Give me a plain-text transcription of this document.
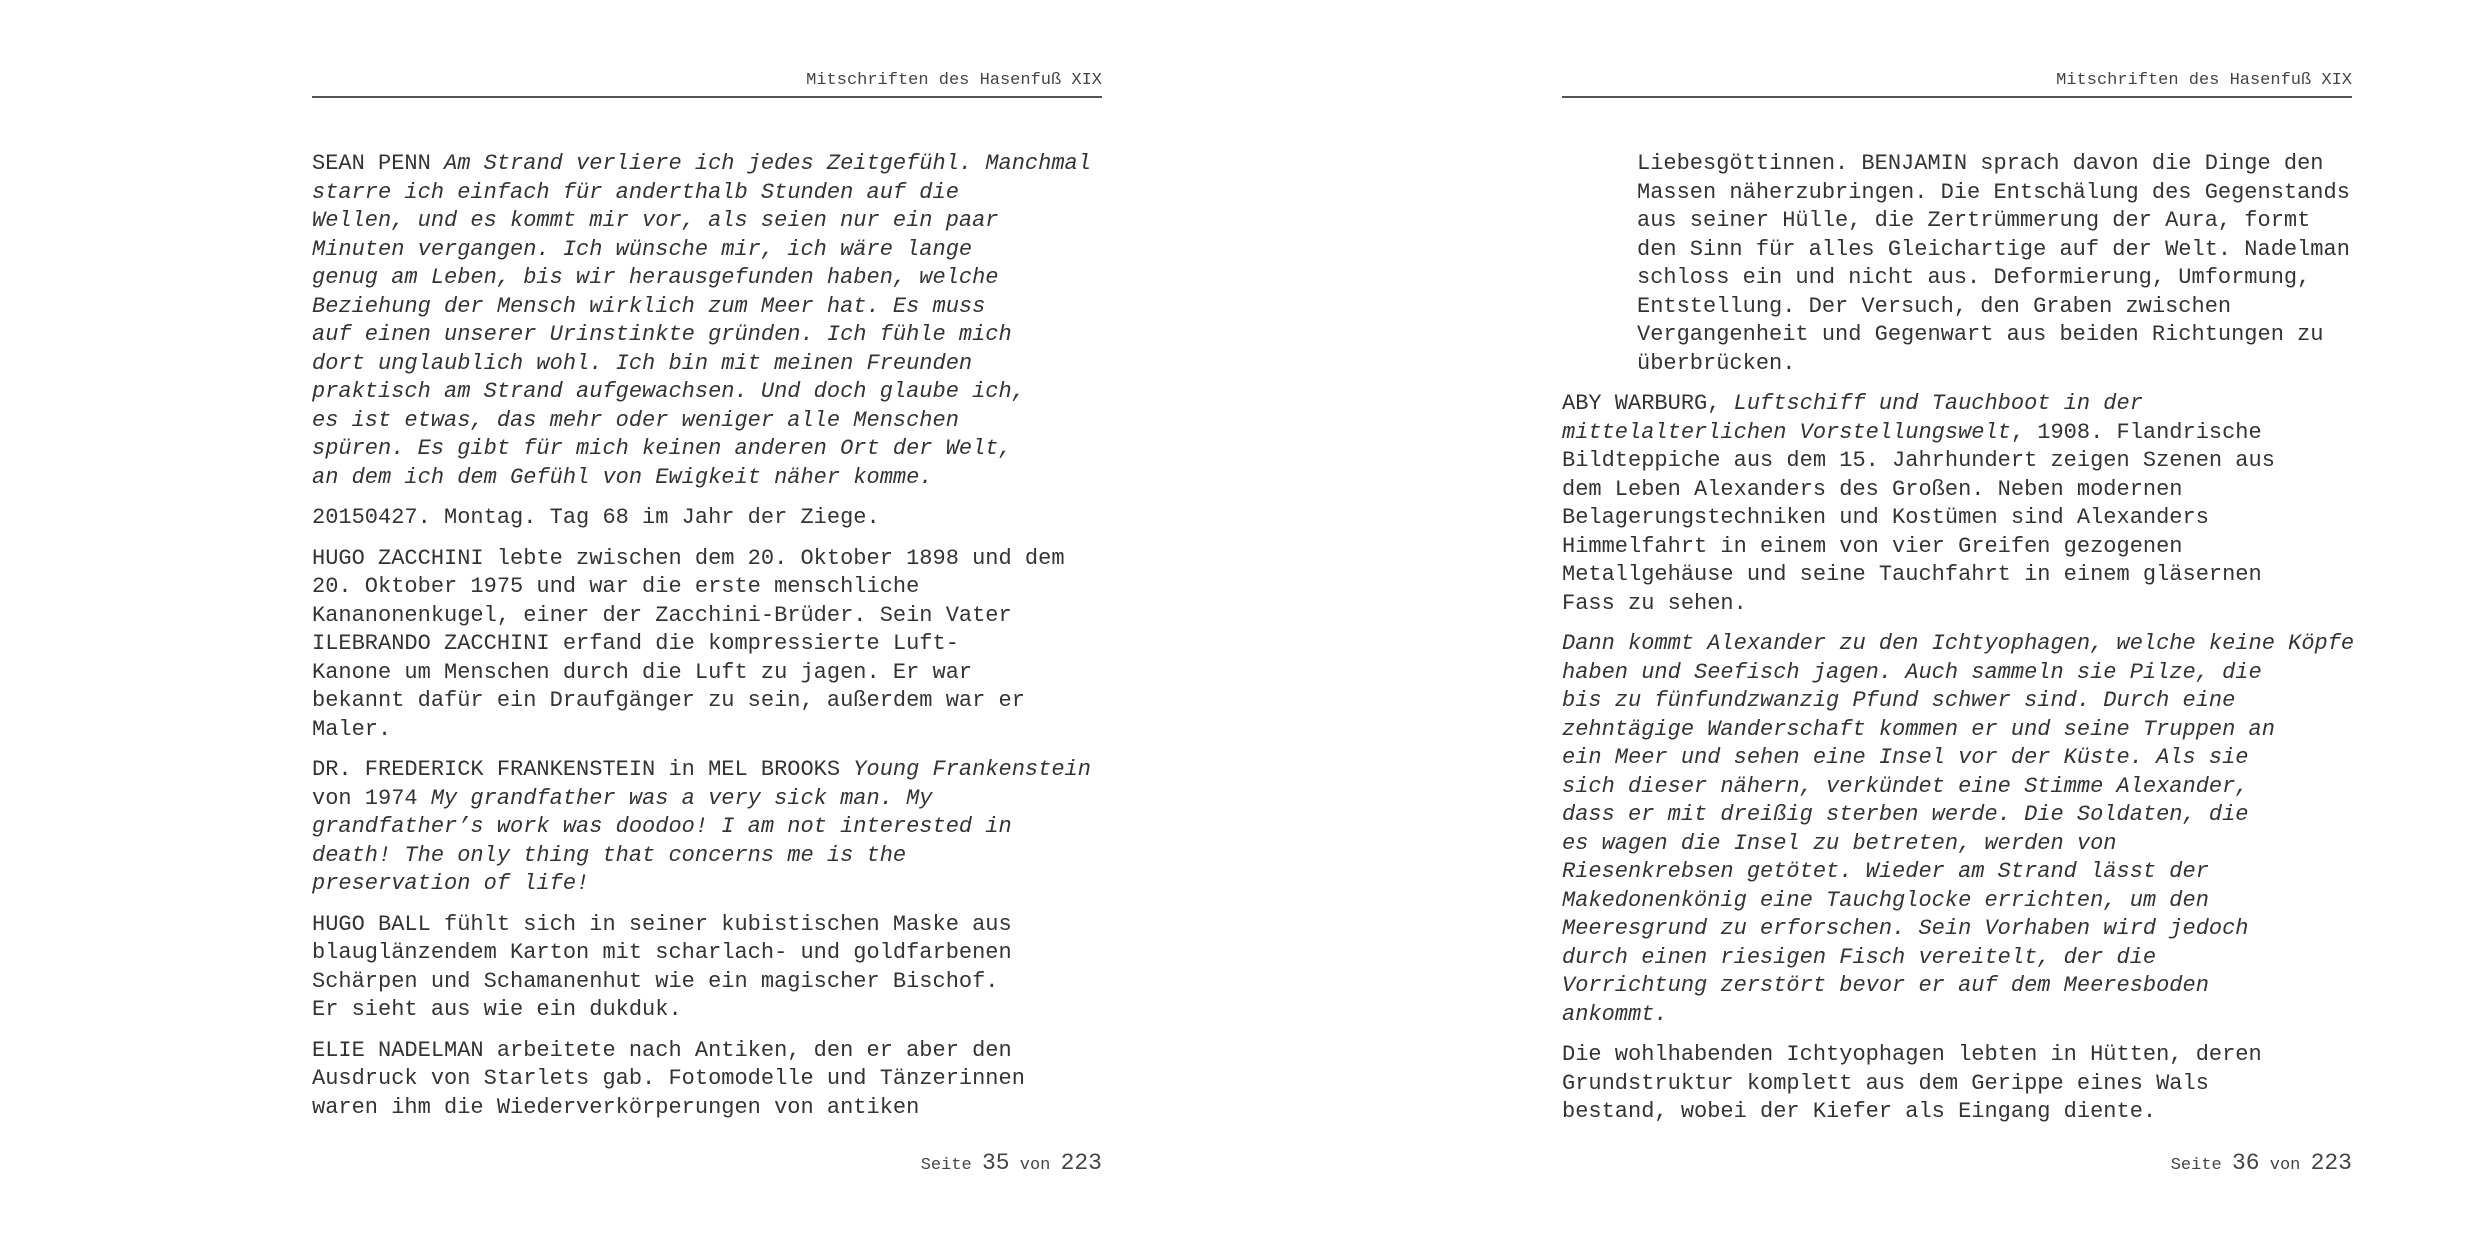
Mitschriften des Hasenfuß XIX
SEAN PENN Am Strand verliere ich jedes Zeitgefühl. Manchmal
starre ich einfach für anderthalb Stunden auf die
Wellen, und es kommt mir vor, als seien nur ein paar
Minuten vergangen. Ich wünsche mir, ich wäre lange
genug am Leben, bis wir herausgefunden haben, welche
Beziehung der Mensch wirklich zum Meer hat. Es muss
auf einen unserer Urinstinkte gründen. Ich fühle mich
dort unglaublich wohl. Ich bin mit meinen Freunden
praktisch am Strand aufgewachsen. Und doch glaube ich,
es ist etwas, das mehr oder weniger alle Menschen
spüren. Es gibt für mich keinen anderen Ort der Welt,
an dem ich dem Gefühl von Ewigkeit näher komme.
20150427. Montag. Tag 68 im Jahr der Ziege.
HUGO ZACCHINI lebte zwischen dem 20. Oktober 1898 und dem
20. Oktober 1975 und war die erste menschliche
Kananonenkugel, einer der Zacchini-Brüder. Sein Vater
ILEBRANDO ZACCHINI erfand die kompressierte Luft-
Kanone um Menschen durch die Luft zu jagen. Er war
bekannt dafür ein Draufgänger zu sein, außerdem war er
Maler.
DR. FREDERICK FRANKENSTEIN in MEL BROOKS Young Frankenstein
von 1974 My grandfather was a very sick man. My
grandfather’s work was doodoo! I am not interested in
death! The only thing that concerns me is the
preservation of life!
HUGO BALL fühlt sich in seiner kubistischen Maske aus
blauglänzendem Karton mit scharlach- und goldfarbenen
Schärpen und Schamanenhut wie ein magischer Bischof.
Er sieht aus wie ein dukduk.
ELIE NADELMAN arbeitete nach Antiken, den er aber den
Ausdruck von Starlets gab. Fotomodelle und Tänzerinnen
waren ihm die Wiederverkörperungen von antiken
Seite 35 von 223
Mitschriften des Hasenfuß XIX
Liebesgöttinnen. BENJAMIN sprach davon die Dinge den
Massen näherzubringen. Die Entschälung des Gegenstands
aus seiner Hülle, die Zertrümmerung der Aura, formt
den Sinn für alles Gleichartige auf der Welt. Nadelman
schloss ein und nicht aus. Deformierung, Umformung,
Entstellung. Der Versuch, den Graben zwischen
Vergangenheit und Gegenwart aus beiden Richtungen zu
überbrücken.
ABY WARBURG, Luftschiff und Tauchboot in der
mittelalterlichen Vorstellungswelt, 1908. Flandrische
Bildteppiche aus dem 15. Jahrhundert zeigen Szenen aus
dem Leben Alexanders des Großen. Neben modernen
Belagerungstechniken und Kostümen sind Alexanders
Himmelfahrt in einem von vier Greifen gezogenen
Metallgehäuse und seine Tauchfahrt in einem gläsernen
Fass zu sehen.
Dann kommt Alexander zu den Ichtyophagen, welche keine Köpfe
haben und Seefisch jagen. Auch sammeln sie Pilze, die
bis zu fünfundzwanzig Pfund schwer sind. Durch eine
zehntägige Wanderschaft kommen er und seine Truppen an
ein Meer und sehen eine Insel vor der Küste. Als sie
sich dieser nähern, verkündet eine Stimme Alexander,
dass er mit dreißig sterben werde. Die Soldaten, die
es wagen die Insel zu betreten, werden von
Riesenkrebsen getötet. Wieder am Strand lässt der
Makedonenkönig eine Tauchglocke errichten, um den
Meeresgrund zu erforschen. Sein Vorhaben wird jedoch
durch einen riesigen Fisch vereitelt, der die
Vorrichtung zerstört bevor er auf dem Meeresboden
ankommt.
Die wohlhabenden Ichtyophagen lebten in Hütten, deren
Grundstruktur komplett aus dem Gerippe eines Wals
bestand, wobei der Kiefer als Eingang diente.
Seite 36 von 223
